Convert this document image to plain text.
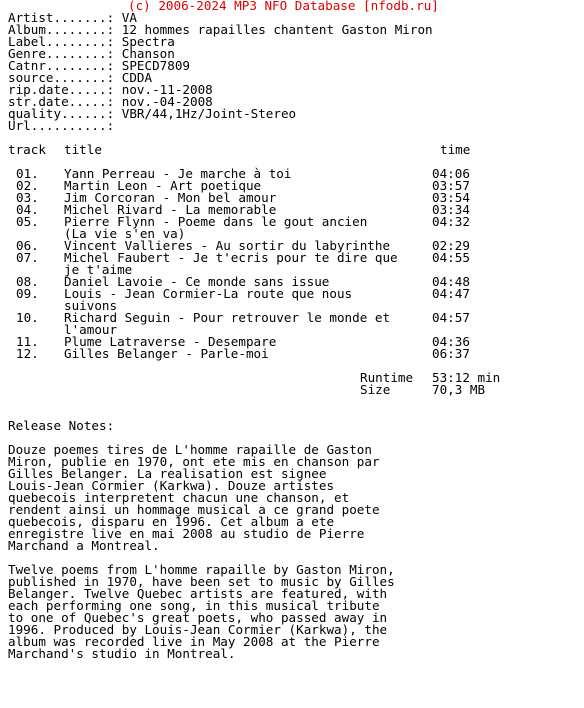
(c) 2006-2024 MP3 NFO Database [nfodb.ru]
Artist.......: VA
Album........: 12 hommes rapailles chantent Gaston Miron
Label........: Spectra
Genre........: Chanson
Catnr........: SPECD7809
source.......: CDDA
rip.date.....: nov.-11-2008
str.date.....: nov.-04-2008
quality......: VBR/44,1Hz/Joint-Stereo
Url..........:
track title	time
01. Yann Perreau - Je marche à toi	04:06
02. Martin Leon - Art poetique	03:57
03. Jim Corcoran - Mon bel amour	03:54
04. Michel Rivard - La memorable	03:34
05. Pierre Flynn - Poeme dans le gout ancien	04:32
(La vie s'en va)
06. Vincent Vallieres - Au sortir du labyrinthe	02:29
07. Michel Faubert - Je t'ecris pour te dire que	04:55
je t'aime
08. Daniel Lavoie - Ce monde sans issue	04:48
09. Louis - Jean Cormier-La route que nous	04:47
suivons
10. Richard Seguin - Pour retrouver le monde et	04:57
l'amour
11. Plume Latraverse - Desempare	04:36
12. Gilles Belanger - Parle-moi	06:37
Runtime 53:12 min
Size	70,3 MB
Release Notes:
Douze poemes tires de L'homme rapaille de Gaston
Miron, publie en 1970, ont ete mis en chanson par
Gilles Belanger. La realisation est signee
Louis-Jean Cormier (Karkwa). Douze artistes
quebecois interpretent chacun une chanson, et
rendent ainsi un hommage musical a ce grand poete
quebecois, disparu en 1996. Cet album a ete
enregistre live en mai 2008 au studio de Pierre
Marchand a Montreal.
Twelve poems from L'homme rapaille by Gaston Miron,
published in 1970, have been set to music by Gilles
Belanger. Twelve Quebec artists are featured, with
each performing one song, in this musical tribute
to one of Quebec's great poets, who passed away in
1996. Produced by Louis-Jean Cormier (Karkwa), the
album was recorded live in May 2008 at the Pierre
Marchand's studio in Montreal.
